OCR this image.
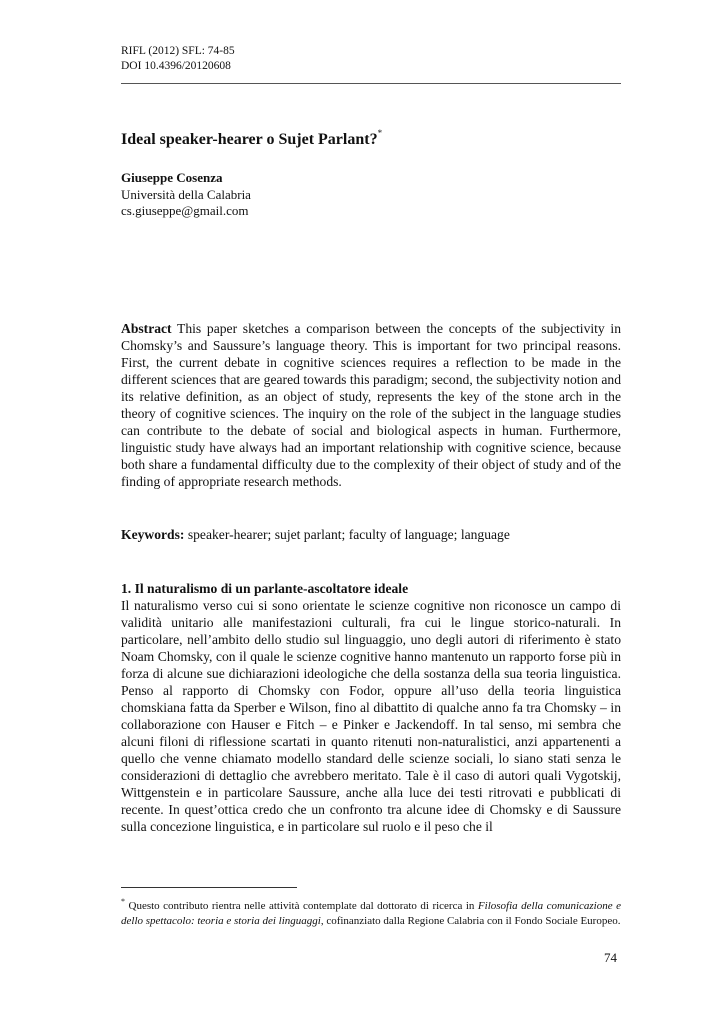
RIFL (2012) SFL: 74-85
DOI 10.4396/20120608
Ideal speaker-hearer o Sujet Parlant?*
Giuseppe Cosenza
Università della Calabria
cs.giuseppe@gmail.com
Abstract This paper sketches a comparison between the concepts of the subjectivity in Chomsky’s and Saussure’s language theory. This is important for two principal reasons. First, the current debate in cognitive sciences requires a reflection to be made in the different sciences that are geared towards this paradigm; second, the subjectivity notion and its relative definition, as an object of study, represents the key of the stone arch in the theory of cognitive sciences. The inquiry on the role of the subject in the language studies can contribute to the debate of social and biological aspects in human. Furthermore, linguistic study have always had an important relationship with cognitive science, because both share a fundamental difficulty due to the complexity of their object of study and of the finding of appropriate research methods.
Keywords: speaker-hearer; sujet parlant; faculty of language; language
1. Il naturalismo di un parlante-ascoltatore ideale
Il naturalismo verso cui si sono orientate le scienze cognitive non riconosce un campo di validità unitario alle manifestazioni culturali, fra cui le lingue storico-naturali. In particolare, nell’ambito dello studio sul linguaggio, uno degli autori di riferimento è stato Noam Chomsky, con il quale le scienze cognitive hanno mantenuto un rapporto forse più in forza di alcune sue dichiarazioni ideologiche che della sostanza della sua teoria linguistica. Penso al rapporto di Chomsky con Fodor, oppure all’uso della teoria linguistica chomskiana fatta da Sperber e Wilson, fino al dibattito di qualche anno fa tra Chomsky – in collaborazione con Hauser e Fitch – e Pinker e Jackendoff. In tal senso, mi sembra che alcuni filoni di riflessione scartati in quanto ritenuti non-naturalistici, anzi appartenenti a quello che venne chiamato modello standard delle scienze sociali, lo siano stati senza le considerazioni di dettaglio che avrebbero meritato. Tale è il caso di autori quali Vygotskij, Wittgenstein e in particolare Saussure, anche alla luce dei testi ritrovati e pubblicati di recente. In quest’ottica credo che un confronto tra alcune idee di Chomsky e di Saussure sulla concezione linguistica, e in particolare sul ruolo e il peso che il
* Questo contributo rientra nelle attività contemplate dal dottorato di ricerca in Filosofia della comunicazione e dello spettacolo: teoria e storia dei linguaggi, cofinanziato dalla Regione Calabria con il Fondo Sociale Europeo.
74
